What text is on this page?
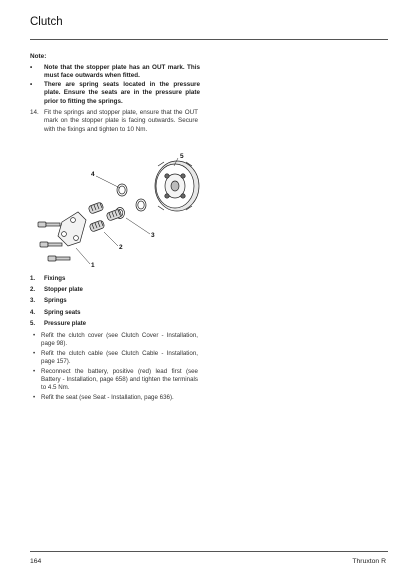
Clutch
Note:
•	Note that the stopper plate has an OUT mark. This must face outwards when fitted.
•	There are spring seats located in the pressure plate. Ensure the seats are in the pressure plate prior to fitting the springs.
14. Fit the springs and stopper plate, ensure that the OUT mark on the stopper plate is facing outwards. Secure with the fixings and tighten to 10 Nm.
4
5
3
2
1
1.	Fixings
2.	Stopper plate
3.	Springs
4.	Spring seats
5.	Pressure plate
• Refit the clutch cover (see Clutch Cover - Installation, page 98).
• Refit the clutch cable (see Clutch Cable - Installation, page 157).
• Reconnect the battery, positive (red) lead first (see Battery - Installation, page 658) and tighten the terminals to 4.5 Nm.
• Refit the seat (see Seat - Installation, page 636).
164	Thruxton R
